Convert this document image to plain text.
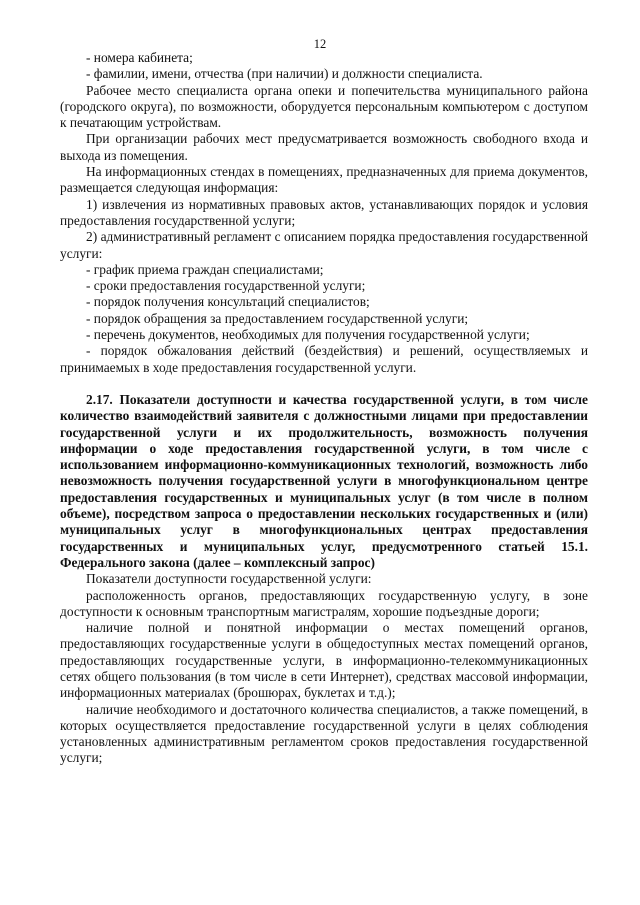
12

- номера кабинета;

- фамилии, имени, отчества (при наличии) и должности специалиста.

Рабочее место специалиста органа опеки и попечительства муниципального района (городского округа), по возможности, оборудуется персональным компьютером с доступом к печатающим устройствам.

При организации рабочих мест предусматривается возможность свободного входа и выхода из помещения.

На информационных стендах в помещениях, предназначенных для приема документов, размещается следующая информация:

1) извлечения из нормативных правовых актов, устанавливающих порядок и условия предоставления государственной услуги;

2) административный регламент с описанием порядка предоставления государственной услуги:

- график приема граждан специалистами;

- сроки предоставления государственной услуги;

- порядок получения консультаций специалистов;

- порядок обращения за предоставлением государственной услуги;

- перечень документов, необходимых для получения государственной услуги;

- порядок обжалования действий (бездействия) и решений, осуществляемых и принимаемых в ходе предоставления государственной услуги.

2.17. Показатели доступности и качества государственной услуги, в том числе количество взаимодействий заявителя с должностными лицами при предоставлении государственной услуги и их продолжительность, возможность получения информации о ходе предоставления государственной услуги, в том числе с использованием информационно-коммуникационных технологий, возможность либо невозможность получения государственной услуги в многофункциональном центре предоставления государственных и муниципальных услуг (в том числе в полном объеме), посредством запроса о предоставлении нескольких государственных и (или) муниципальных услуг в многофункциональных центрах предоставления государственных и муниципальных услуг, предусмотренного статьей 15.1. Федерального закона (далее – комплексный запрос)

Показатели доступности государственной услуги:

расположенность органов, предоставляющих государственную услугу, в зоне доступности к основным транспортным магистралям, хорошие подъездные дороги;

наличие полной и понятной информации о местах помещений органов, предоставляющих государственные услуги в общедоступных местах помещений органов, предоставляющих государственные услуги, в информационно-телекоммуникационных сетях общего пользования (в том числе в сети Интернет), средствах массовой информации, информационных материалах (брошюрах, буклетах и т.д.);

наличие необходимого и достаточного количества специалистов, а также помещений, в которых осуществляется предоставление государственной услуги в целях соблюдения установленных административным регламентом сроков предоставления государственной услуги;
